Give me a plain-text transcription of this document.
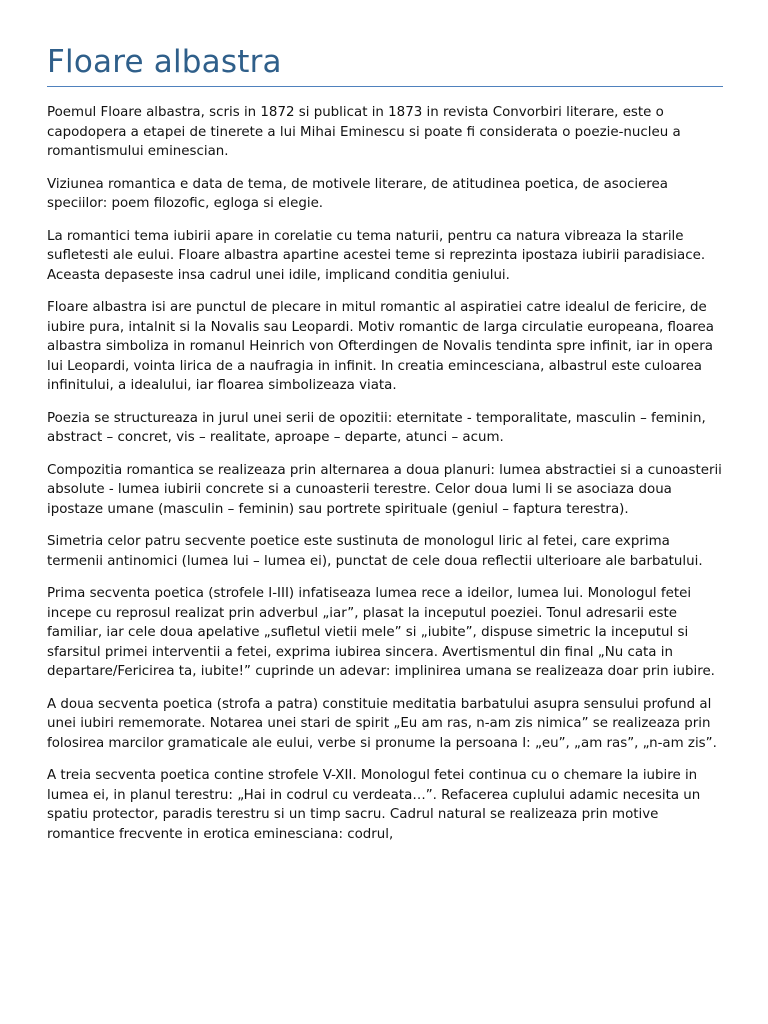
Floare albastra

Poemul Floare albastra, scris in 1872 si publicat in 1873 in revista Convorbiri literare, este o capodopera a etapei de tinerete a lui Mihai Eminescu si poate fi considerata o poezie-nucleu a romantismului eminescian.

Viziunea romantica e data de tema, de motivele literare, de atitudinea poetica, de asocierea speciilor: poem filozofic, egloga si elegie.

La romantici tema iubirii apare in corelatie cu tema naturii, pentru ca natura vibreaza la starile sufletesti ale eului. Floare albastra apartine acestei teme si reprezinta ipostaza iubirii paradisiace. Aceasta depaseste insa cadrul unei idile, implicand conditia geniului.

Floare albastra isi are punctul de plecare in mitul romantic al aspiratiei catre idealul de fericire, de iubire pura, intalnit si la Novalis sau Leopardi. Motiv romantic de larga circulatie europeana, floarea albastra simboliza in romanul Heinrich von Ofterdingen de Novalis tendinta spre infinit, iar in opera lui Leopardi, vointa lirica de a naufragia in infinit. In creatia emincesciana, albastrul este culoarea infinitului, a idealului, iar floarea simbolizeaza viata.

Poezia se structureaza in jurul unei serii de opozitii: eternitate - temporalitate, masculin – feminin, abstract – concret, vis – realitate, aproape – departe, atunci – acum.

Compozitia romantica se realizeaza prin alternarea a doua planuri: lumea abstractiei si a cunoasterii absolute - lumea iubirii concrete si a cunoasterii terestre. Celor doua lumi li se asociaza doua ipostaze umane (masculin – feminin) sau portrete spirituale (geniul – faptura terestra).

Simetria celor patru secvente poetice este sustinuta de monologul liric al fetei, care exprima termenii antinomici (lumea lui – lumea ei), punctat de cele doua reflectii ulterioare ale barbatului.

Prima secventa poetica (strofele I-III) infatiseaza lumea rece a ideilor, lumea lui. Monologul fetei incepe cu reprosul realizat prin adverbul „iar”, plasat la inceputul poeziei. Tonul adresarii este familiar, iar cele doua apelative „sufletul vietii mele” si „iubite”, dispuse simetric la inceputul si sfarsitul primei interventii a fetei, exprima iubirea sincera. Avertismentul din final „Nu cata in departare/Fericirea ta, iubite!” cuprinde un adevar: implinirea umana se realizeaza doar prin iubire.

A doua secventa poetica (strofa a patra) constituie meditatia barbatului asupra sensului profund al unei iubiri rememorate. Notarea unei stari de spirit „Eu am ras, n-am zis nimica” se realizeaza prin folosirea marcilor gramaticale ale eului, verbe si pronume la persoana I: „eu”, „am ras”, „n-am zis”.

A treia secventa poetica contine strofele V-XII. Monologul fetei continua cu o chemare la iubire in lumea ei, in planul terestru: „Hai in codrul cu verdeata…”. Refacerea cuplului adamic necesita un spatiu protector, paradis terestru si un timp sacru. Cadrul natural se realizeaza prin motive romantice frecvente in erotica eminesciana: codrul,
